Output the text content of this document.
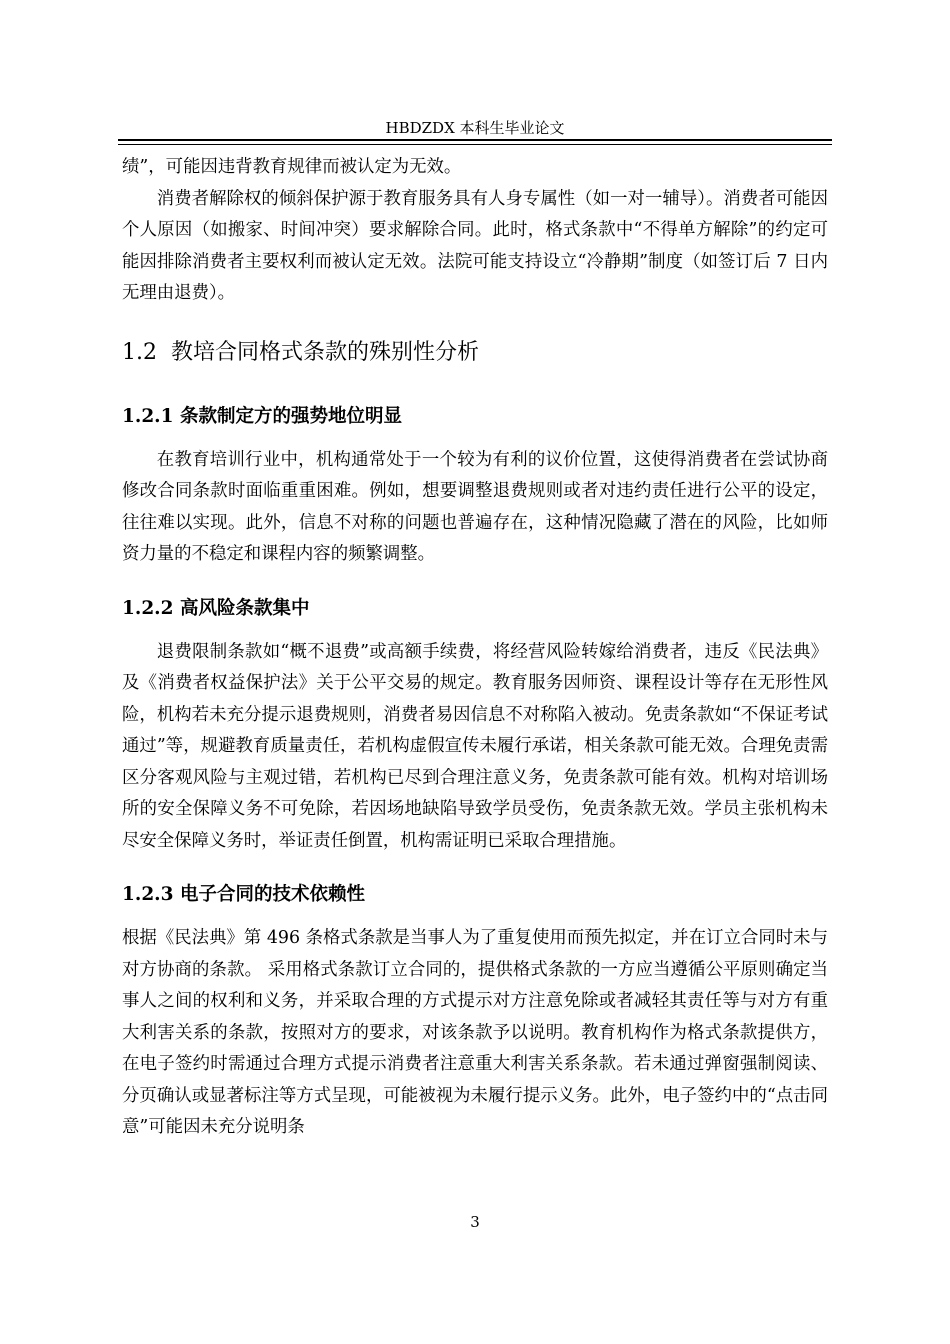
HBDZDX 本科生毕业论文

绩”，可能因违背教育规律而被认定为无效。

消费者解除权的倾斜保护源于教育服务具有人身专属性（如一对一辅导）。消费者可能因个人原因（如搬家、时间冲突）要求解除合同。此时，格式条款中“不得单方解除”的约定可能因排除消费者主要权利而被认定无效。法院可能支持设立“冷静期”制度（如签订后 7 日内无理由退费）。

1.2 教培合同格式条款的殊别性分析
1.2.1 条款制定方的强势地位明显

在教育培训行业中，机构通常处于一个较为有利的议价位置，这使得消费者在尝试协商修改合同条款时面临重重困难。例如，想要调整退费规则或者对违约责任进行公平的设定，往往难以实现。此外，信息不对称的问题也普遍存在，这种情况隐藏了潜在的风险，比如师资力量的不稳定和课程内容的频繁调整。

1.2.2 高风险条款集中

退费限制条款如“概不退费”或高额手续费，将经营风险转嫁给消费者，违反《民法典》及《消费者权益保护法》关于公平交易的规定。教育服务因师资、课程设计等存在无形性风险，机构若未充分提示退费规则，消费者易因信息不对称陷入被动。免责条款如“不保证考试通过”等，规避教育质量责任，若机构虚假宣传未履行承诺，相关条款可能无效。合理免责需区分客观风险与主观过错，若机构已尽到合理注意义务，免责条款可能有效。机构对培训场所的安全保障义务不可免除，若因场地缺陷导致学员受伤，免责条款无效。学员主张机构未尽安全保障义务时，举证责任倒置，机构需证明已采取合理措施。

1.2.3 电子合同的技术依赖性

根据《民法典》第 496 条格式条款是当事人为了重复使用而预先拟定，并在订立合同时未与对方协商的条款。 采用格式条款订立合同的，提供格式条款的一方应当遵循公平原则确定当事人之间的权利和义务，并采取合理的方式提示对方注意免除或者减轻其责任等与对方有重大利害关系的条款，按照对方的要求，对该条款予以说明。教育机构作为格式条款提供方，在电子签约时需通过合理方式提示消费者注意重大利害关系条款。若未通过弹窗强制阅读、分页确认或显著标注等方式呈现，可能被视为未履行提示义务。此外，电子签约中的“点击同意”可能因未充分说明条

3
